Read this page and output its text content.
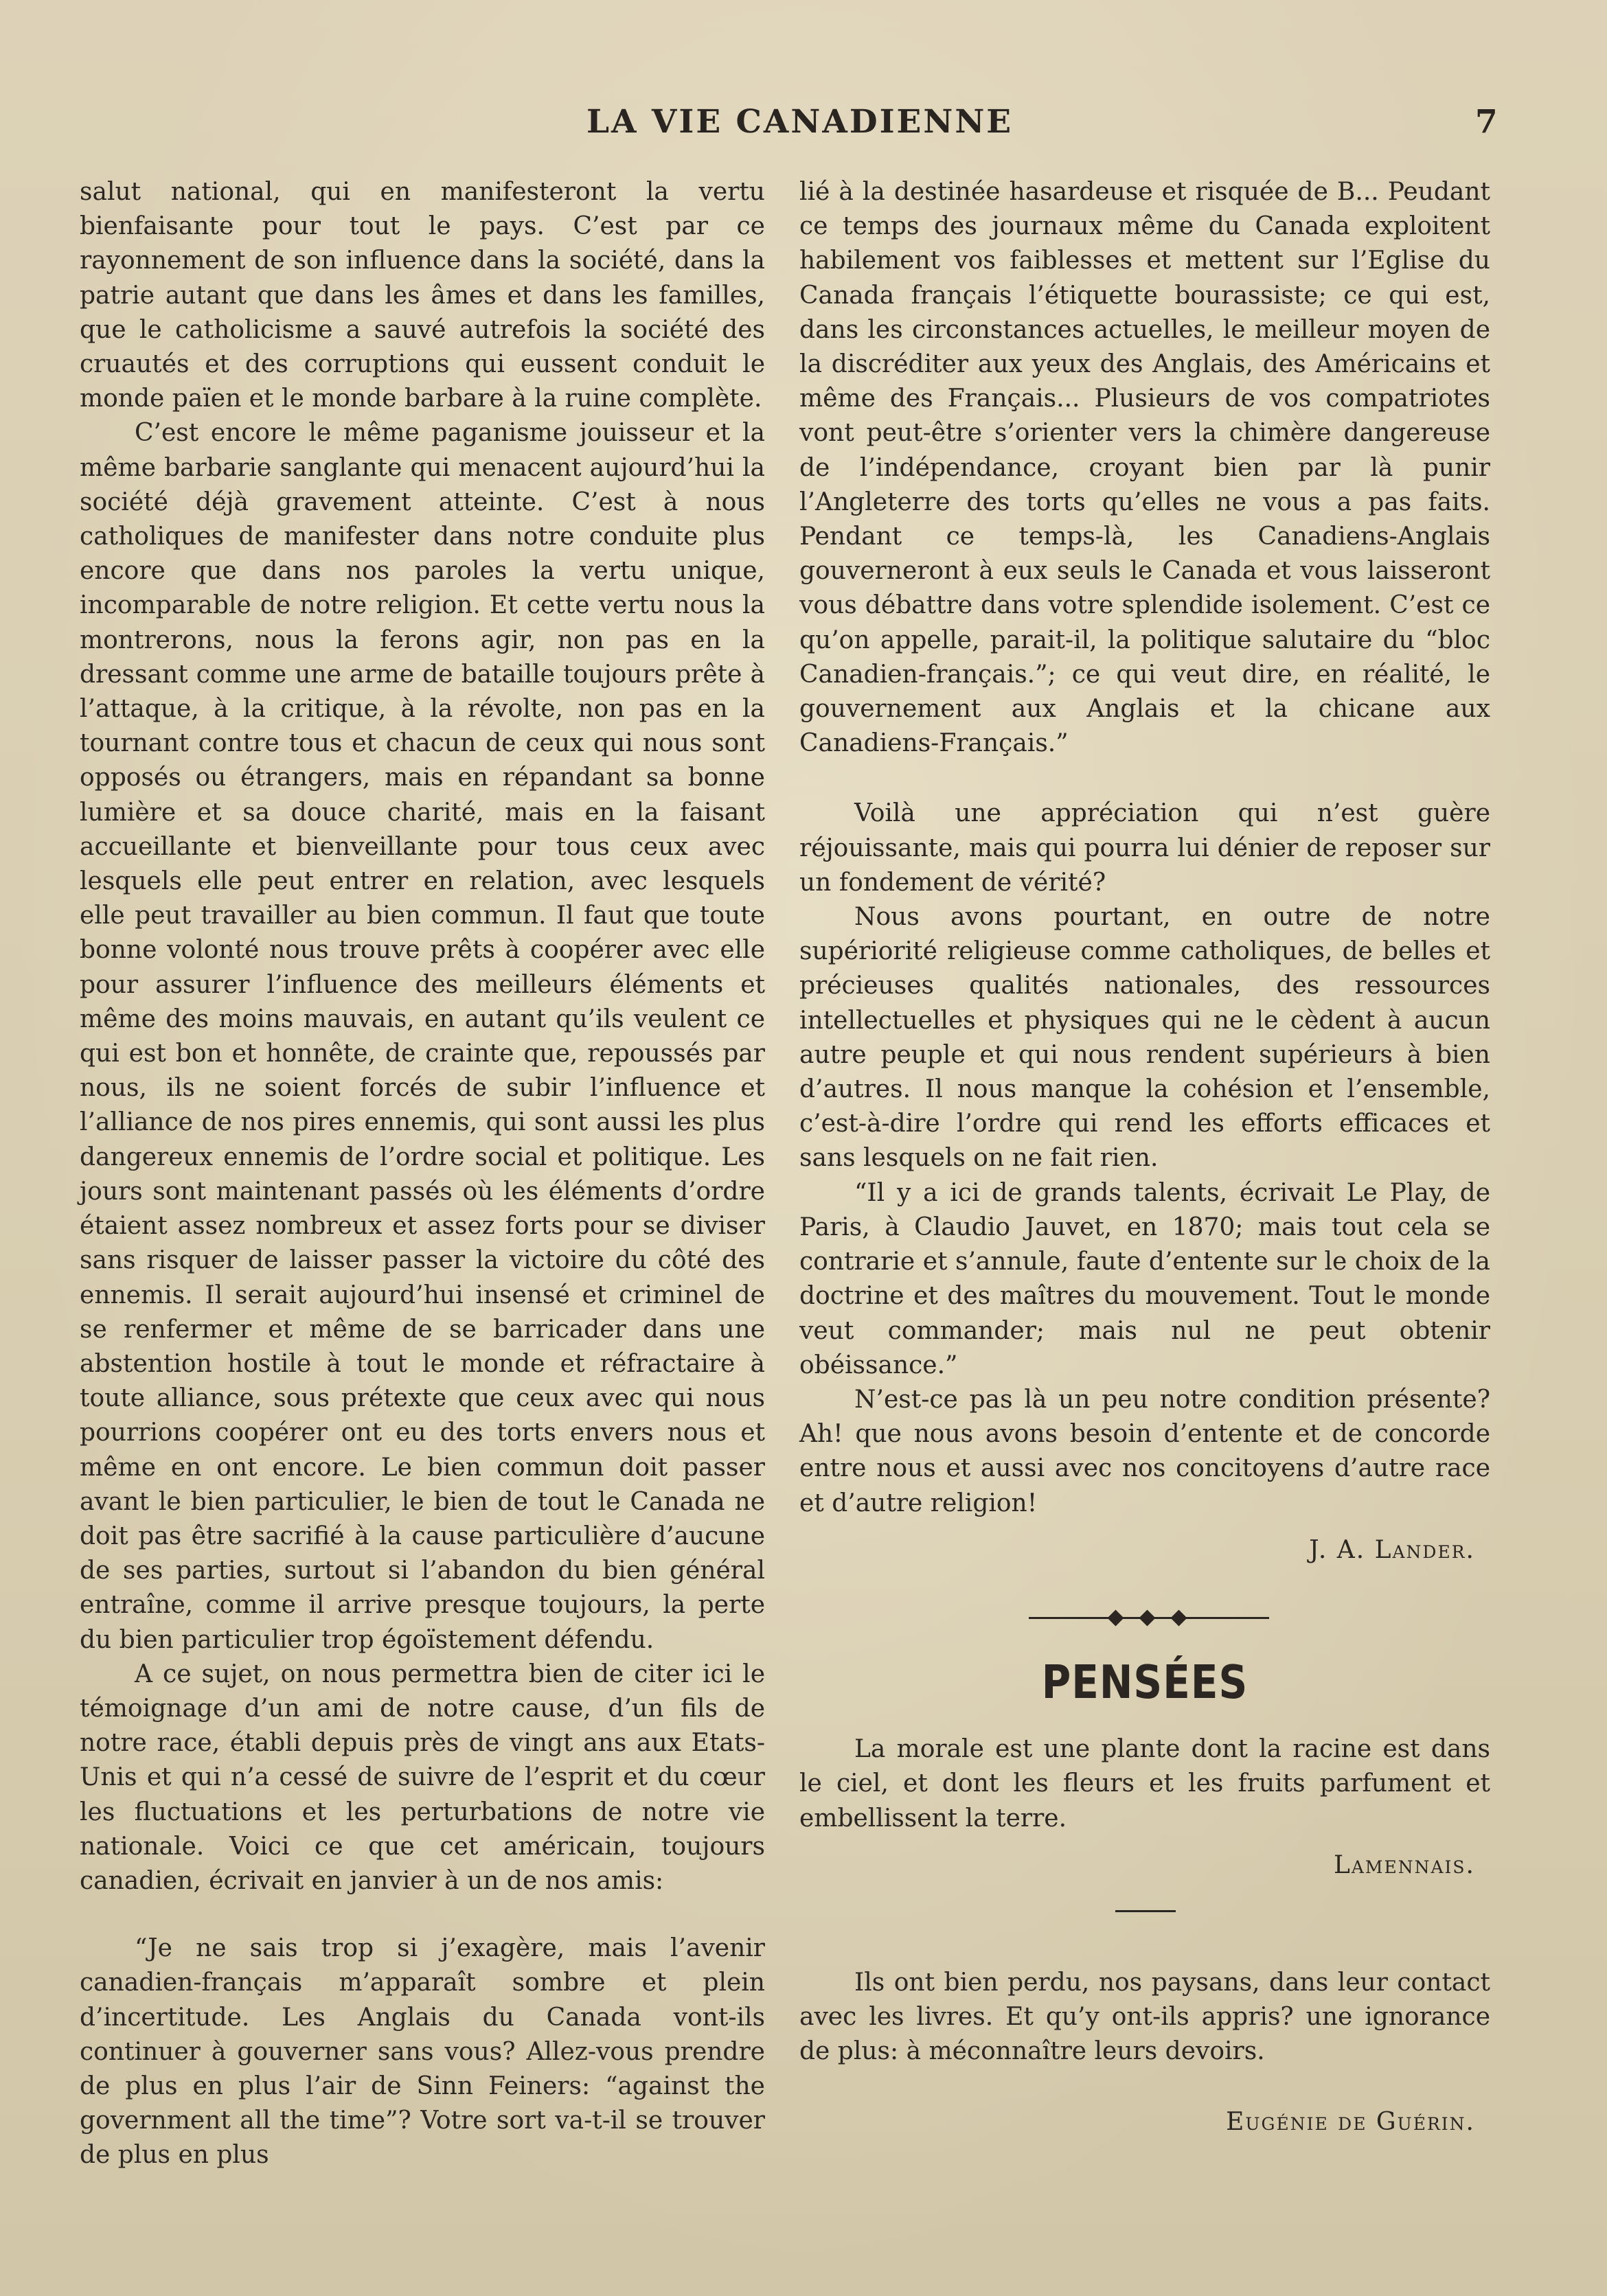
LA VIE CANADIENNE	7

salut national, qui en manifesteront la vertu bienfaisante pour tout le pays. C’est par ce rayonnement de son influence dans la société, dans la patrie autant que dans les âmes et dans les familles, que le catholicisme a sauvé autrefois la société des cruautés et des corruptions qui eussent conduit le monde païen et le monde barbare à la ruine complète.

C’est encore le même paganisme jouisseur et la même barbarie sanglante qui menacent aujourd’hui la société déjà gravement atteinte. C’est à nous catholiques de manifester dans notre conduite plus encore que dans nos paroles la vertu unique, incomparable de notre religion. Et cette vertu nous la montrerons, nous la ferons agir, non pas en la dressant comme une arme de bataille toujours prête à l’attaque, à la critique, à la révolte, non pas en la tournant contre tous et chacun de ceux qui nous sont opposés ou étrangers, mais en répandant sa bonne lumière et sa douce charité, mais en la faisant accueillante et bienveillante pour tous ceux avec lesquels elle peut entrer en relation, avec lesquels elle peut travailler au bien commun. Il faut que toute bonne volonté nous trouve prêts à coopérer avec elle pour assurer l’influence des meilleurs éléments et même des moins mauvais, en autant qu’ils veulent ce qui est bon et honnête, de crainte que, repoussés par nous, ils ne soient forcés de subir l’influence et l’alliance de nos pires ennemis, qui sont aussi les plus dangereux ennemis de l’ordre social et politique. Les jours sont maintenant passés où les éléments d’ordre étaient assez nombreux et assez forts pour se diviser sans risquer de laisser passer la victoire du côté des ennemis. Il serait aujourd’hui insensé et criminel de se renfermer et même de se barricader dans une abstention hostile à tout le monde et réfractaire à toute alliance, sous prétexte que ceux avec qui nous pourrions coopérer ont eu des torts envers nous et même en ont encore. Le bien commun doit passer avant le bien particulier, le bien de tout le Canada ne doit pas être sacrifié à la cause particulière d’aucune de ses parties, surtout si l’abandon du bien général entraîne, comme il arrive presque toujours, la perte du bien particulier trop égoïstement défendu.

A ce sujet, on nous permettra bien de citer ici le témoignage d’un ami de notre cause, d’un fils de notre race, établi depuis près de vingt ans aux Etats-Unis et qui n’a cessé de suivre de l’esprit et du cœur les fluctuations et les perturbations de notre vie nationale. Voici ce que cet américain, toujours canadien, écrivait en janvier à un de nos amis:

“Je ne sais trop si j’exagère, mais l’avenir canadien-français m’apparaît sombre et plein d’incertitude. Les Anglais du Canada vont-ils continuer à gouverner sans vous? Allez-vous prendre de plus en plus l’air de Sinn Feiners: “against the government all the time”? Votre sort va-t-il se trouver de plus en plus

lié à la destinée hasardeuse et risquée de B... Peudant ce temps des journaux même du Canada exploitent habilement vos faiblesses et mettent sur l’Eglise du Canada français l’étiquette bourassiste; ce qui est, dans les circonstances actuelles, le meilleur moyen de la discréditer aux yeux des Anglais, des Américains et même des Français... Plusieurs de vos compatriotes vont peut-être s’orienter vers la chimère dangereuse de l’indépendance, croyant bien par là punir l’Angleterre des torts qu’elles ne vous a pas faits. Pendant ce temps-là, les Canadiens-Anglais gouverneront à eux seuls le Canada et vous laisseront vous débattre dans votre splendide isolement. C’est ce qu’on appelle, parait-il, la politique salutaire du “bloc Canadien-français.”; ce qui veut dire, en réalité, le gouvernement aux Anglais et la chicane aux Canadiens-Français.”

Voilà une appréciation qui n’est guère réjouissante, mais qui pourra lui dénier de reposer sur un fondement de vérité?

Nous avons pourtant, en outre de notre supériorité religieuse comme catholiques, de belles et précieuses qualités nationales, des ressources intellectuelles et physiques qui ne le cèdent à aucun autre peuple et qui nous rendent supérieurs à bien d’autres. Il nous manque la cohésion et l’ensemble, c’est-à-dire l’ordre qui rend les efforts efficaces et sans lesquels on ne fait rien.

“Il y a ici de grands talents, écrivait Le Play, de Paris, à Claudio Jauvet, en 1870; mais tout cela se contrarie et s’annule, faute d’entente sur le choix de la doctrine et des maîtres du mouvement. Tout le monde veut commander; mais nul ne peut obtenir obéissance.”

N’est-ce pas là un peu notre condition présente? Ah! que nous avons besoin d’entente et de concorde entre nous et aussi avec nos concitoyens d’autre race et d’autre religion!

J. A. Lander.
PENSÉES

La morale est une plante dont la racine est dans le ciel, et dont les fleurs et les fruits parfument et embellissent la terre.

Lamennais.

Ils ont bien perdu, nos paysans, dans leur contact avec les livres. Et qu’y ont-ils appris? une ignorance de plus: à méconnaître leurs devoirs.

Eugénie de Guérin.
